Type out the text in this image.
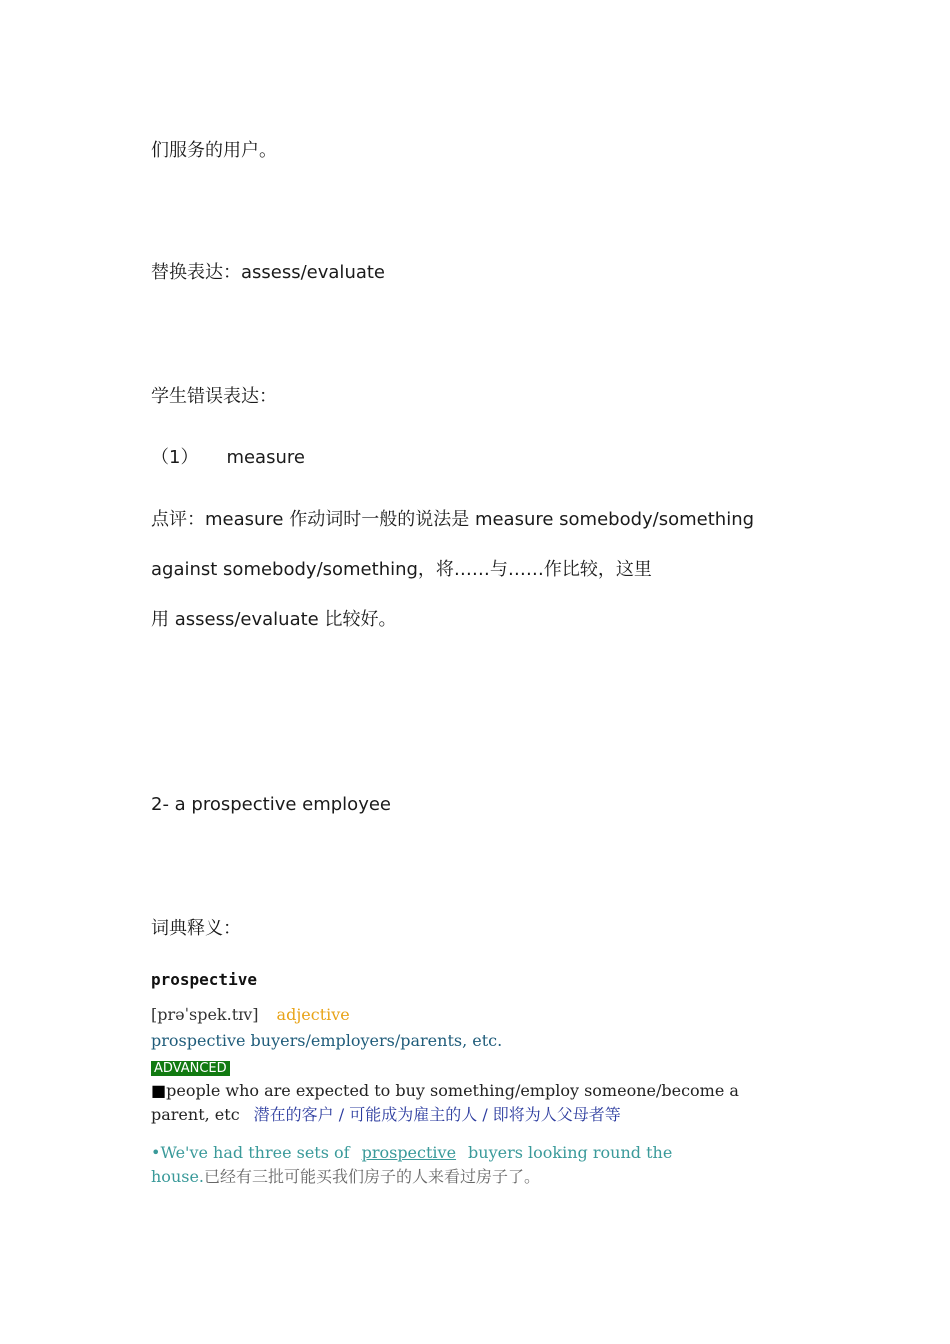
们服务的用户。
替换表达：assess/evaluate
学生错误表达：
（1） measure
点评：measure 作动词时一般的说法是 measure somebody/something
against somebody/something，将……与……作比较，这里
用 assess/evaluate 比较好。
2- a prospective employee
词典释义：
prospective
[prəˈspek.tɪv] adjective
prospective buyers/employers/parents, etc.
ADVANCED
■people who are expected to buy something/employ someone/become a
parent, etc 潜在的客户 / 可能成为雇主的人 / 即将为人父母者等
•We've had three sets of prospective buyers looking round the
house.已经有三批可能买我们房子的人来看过房子了。
